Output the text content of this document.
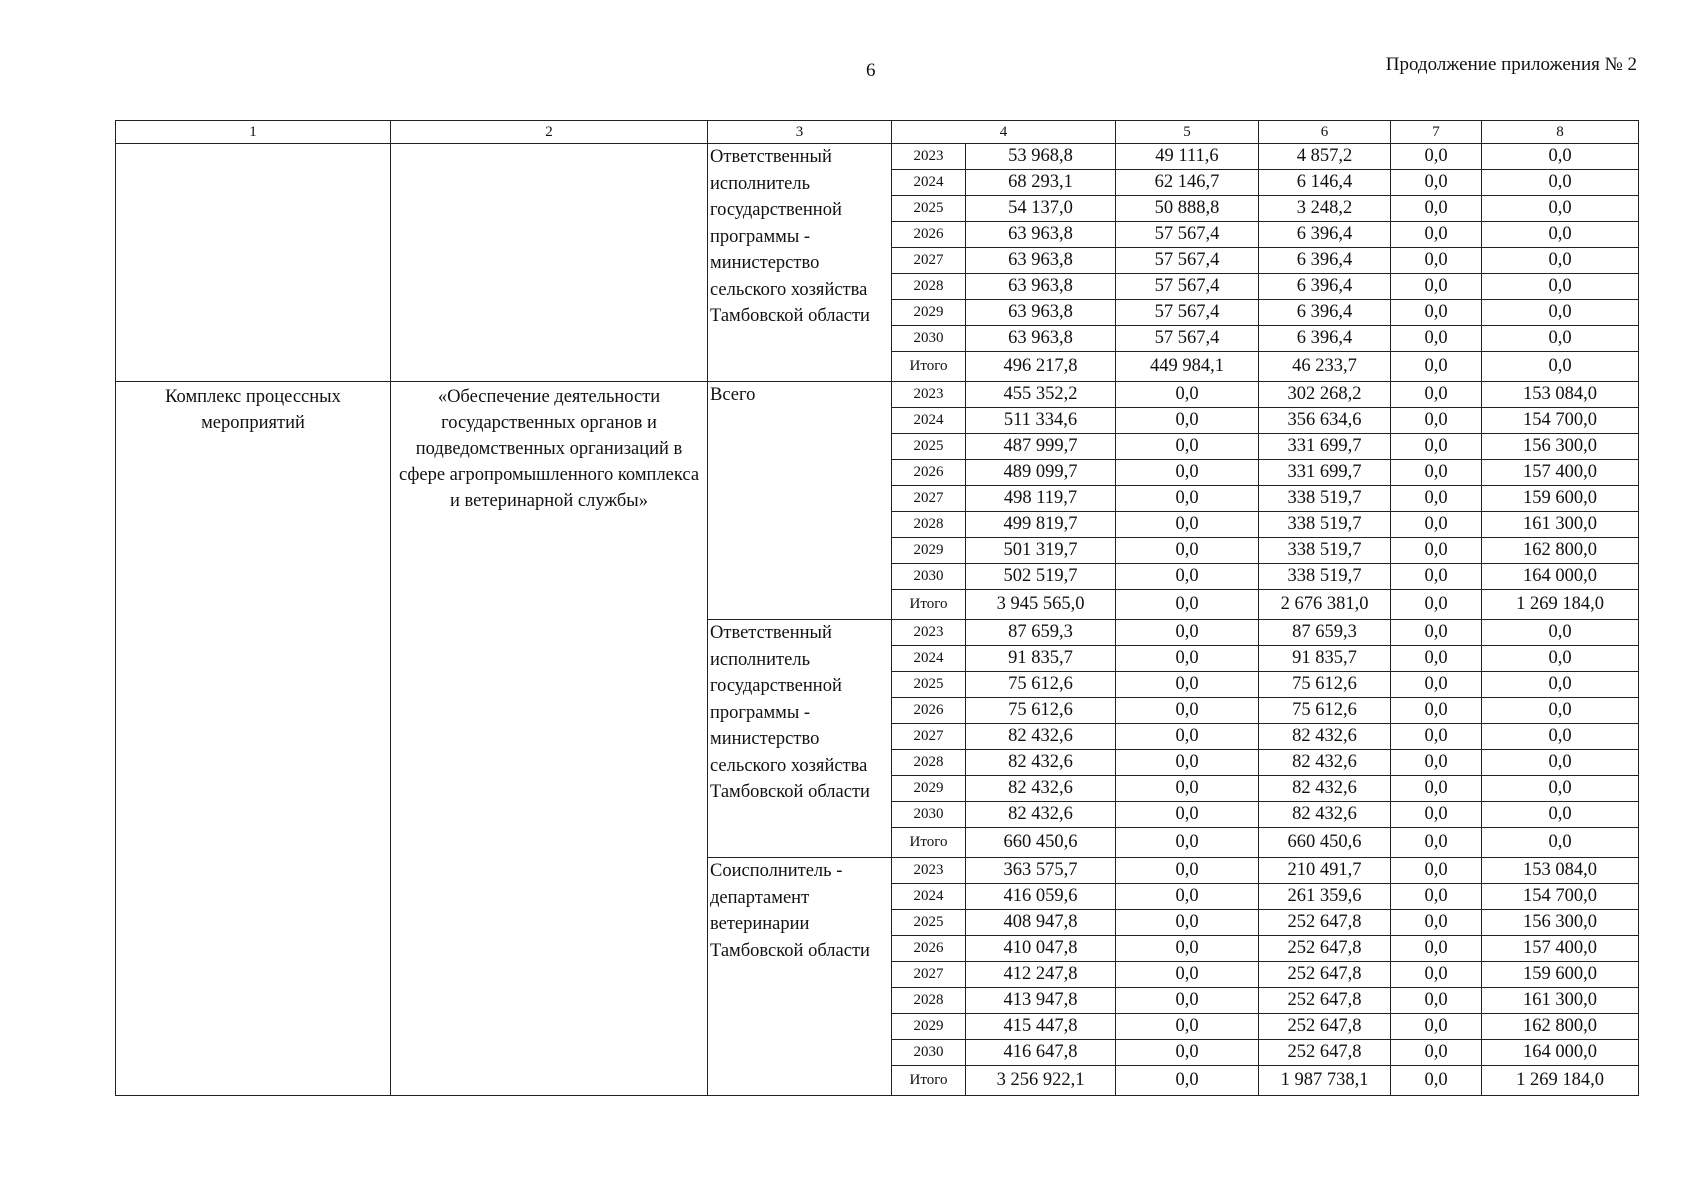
6	Продолжение приложения № 2
1	2	3	4		5	6	7	8
		Ответственный исполнитель государственной программы - министерство сельского хозяйства Тамбовской области	2023	53 968,8	49 111,6	4 857,2	0,0	0,0
			2024	68 293,1	62 146,7	6 146,4	0,0	0,0
			2025	54 137,0	50 888,8	3 248,2	0,0	0,0
			2026	63 963,8	57 567,4	6 396,4	0,0	0,0
			2027	63 963,8	57 567,4	6 396,4	0,0	0,0
			2028	63 963,8	57 567,4	6 396,4	0,0	0,0
			2029	63 963,8	57 567,4	6 396,4	0,0	0,0
			2030	63 963,8	57 567,4	6 396,4	0,0	0,0
			Итого	496 217,8	449 984,1	46 233,7	0,0	0,0
Комплекс процессных мероприятий	«Обеспечение деятельности государственных органов и подведомственных организаций в сфере агропромышленного комплекса и ветеринарной службы»	Всего	2023	455 352,2	0,0	302 268,2	0,0	153 084,0
			2024	511 334,6	0,0	356 634,6	0,0	154 700,0
			2025	487 999,7	0,0	331 699,7	0,0	156 300,0
			2026	489 099,7	0,0	331 699,7	0,0	157 400,0
			2027	498 119,7	0,0	338 519,7	0,0	159 600,0
			2028	499 819,7	0,0	338 519,7	0,0	161 300,0
			2029	501 319,7	0,0	338 519,7	0,0	162 800,0
			2030	502 519,7	0,0	338 519,7	0,0	164 000,0
			Итого	3 945 565,0	0,0	2 676 381,0	0,0	1 269 184,0
		Ответственный исполнитель государственной программы - министерство сельского хозяйства Тамбовской области	2023	87 659,3	0,0	87 659,3	0,0	0,0
			2024	91 835,7	0,0	91 835,7	0,0	0,0
			2025	75 612,6	0,0	75 612,6	0,0	0,0
			2026	75 612,6	0,0	75 612,6	0,0	0,0
			2027	82 432,6	0,0	82 432,6	0,0	0,0
			2028	82 432,6	0,0	82 432,6	0,0	0,0
			2029	82 432,6	0,0	82 432,6	0,0	0,0
			2030	82 432,6	0,0	82 432,6	0,0	0,0
			Итого	660 450,6	0,0	660 450,6	0,0	0,0
		Соисполнитель - департамент ветеринарии Тамбовской области	2023	363 575,7	0,0	210 491,7	0,0	153 084,0
			2024	416 059,6	0,0	261 359,6	0,0	154 700,0
			2025	408 947,8	0,0	252 647,8	0,0	156 300,0
			2026	410 047,8	0,0	252 647,8	0,0	157 400,0
			2027	412 247,8	0,0	252 647,8	0,0	159 600,0
			2028	413 947,8	0,0	252 647,8	0,0	161 300,0
			2029	415 447,8	0,0	252 647,8	0,0	162 800,0
			2030	416 647,8	0,0	252 647,8	0,0	164 000,0
			Итого	3 256 922,1	0,0	1 987 738,1	0,0	1 269 184,0
